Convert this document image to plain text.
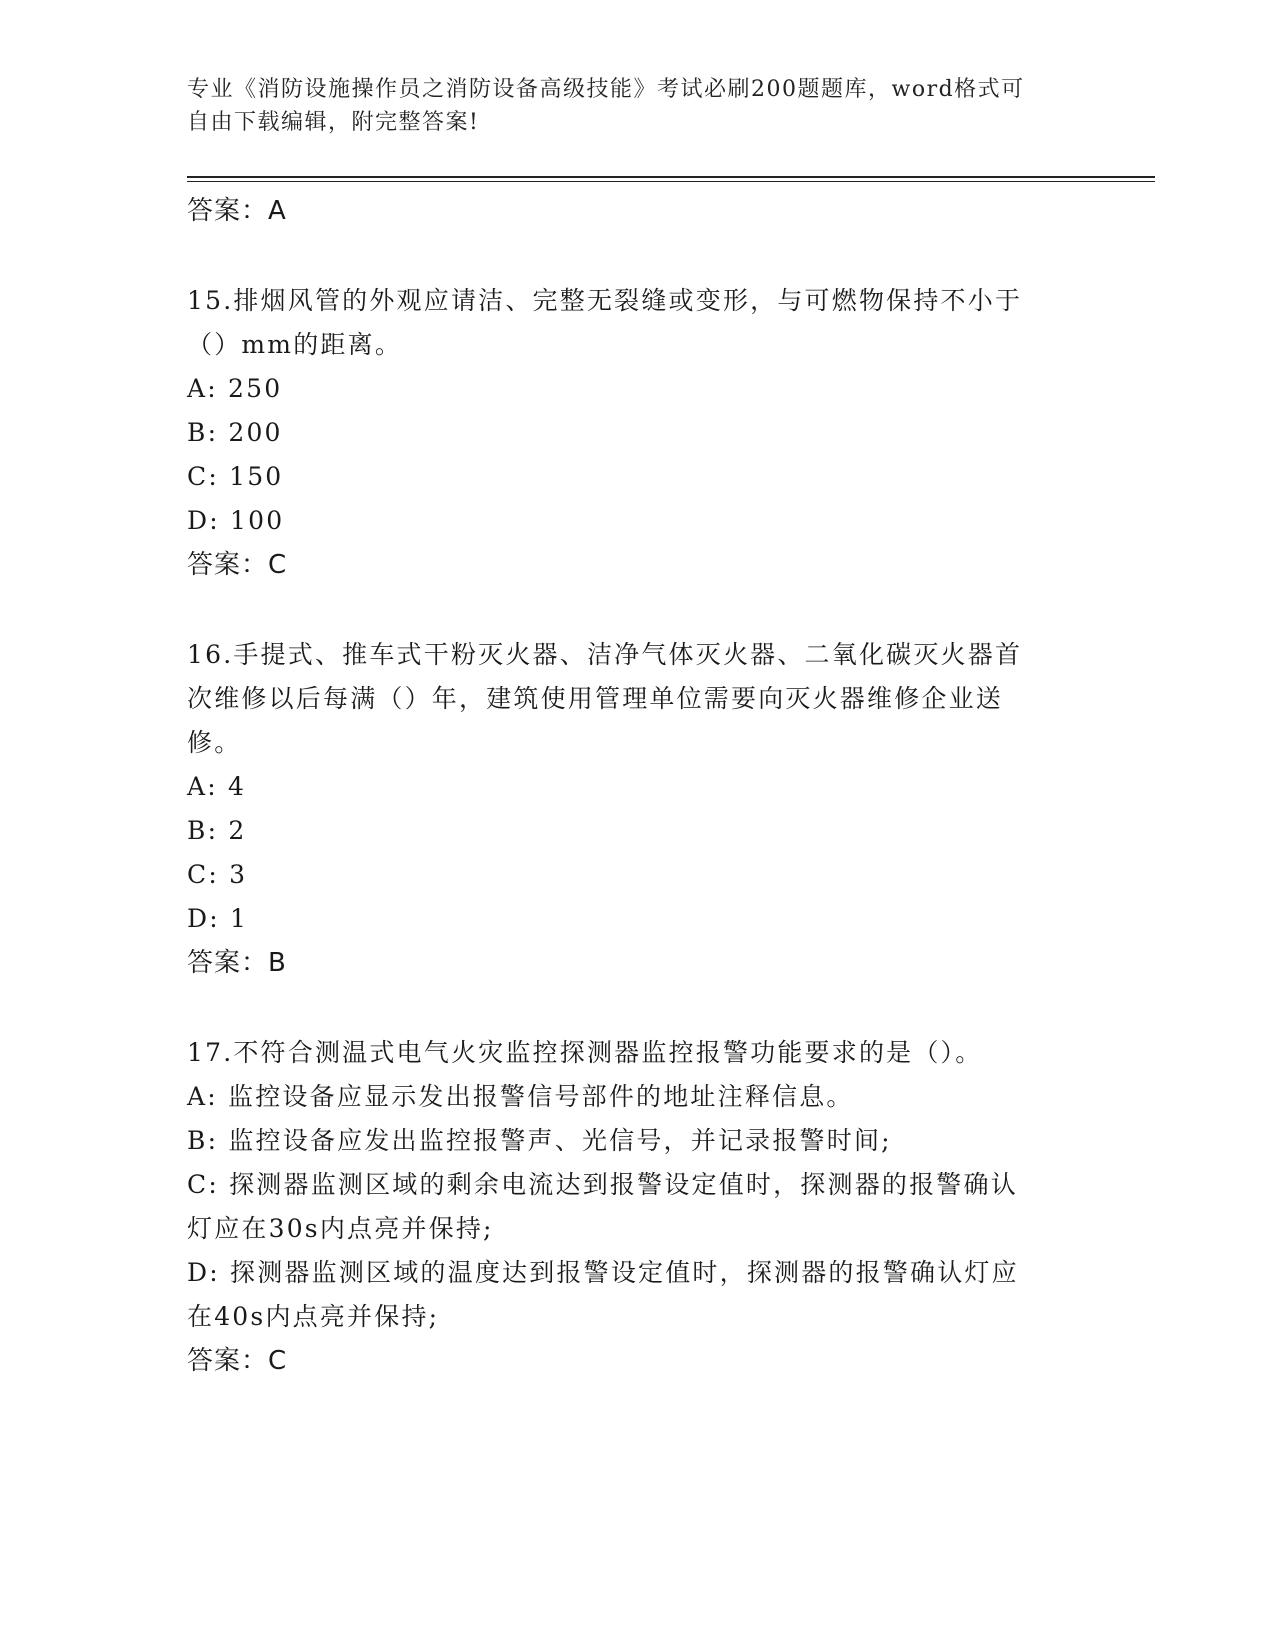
专业《消防设施操作员之消防设备高级技能》考试必刷200题题库，word格式可
自由下载编辑，附完整答案!
答案：A
15.排烟风管的外观应请洁、完整无裂缝或变形，与可燃物保持不小于
（）mm的距离。
A: 250
B: 200
C: 150
D: 100
答案：C
16.手提式、推车式干粉灭火器、洁净气体灭火器、二氧化碳灭火器首
次维修以后每满（）年，建筑使用管理单位需要向灭火器维修企业送
修。
A: 4
B: 2
C: 3
D: 1
答案：B
17.不符合测温式电气火灾监控探测器监控报警功能要求的是（）。
A: 监控设备应显示发出报警信号部件的地址注释信息。
B: 监控设备应发出监控报警声、光信号，并记录报警时间;
C: 探测器监测区域的剩余电流达到报警设定值时，探测器的报警确认
灯应在30s内点亮并保持;
D: 探测器监测区域的温度达到报警设定值时，探测器的报警确认灯应
在40s内点亮并保持;
答案：C
